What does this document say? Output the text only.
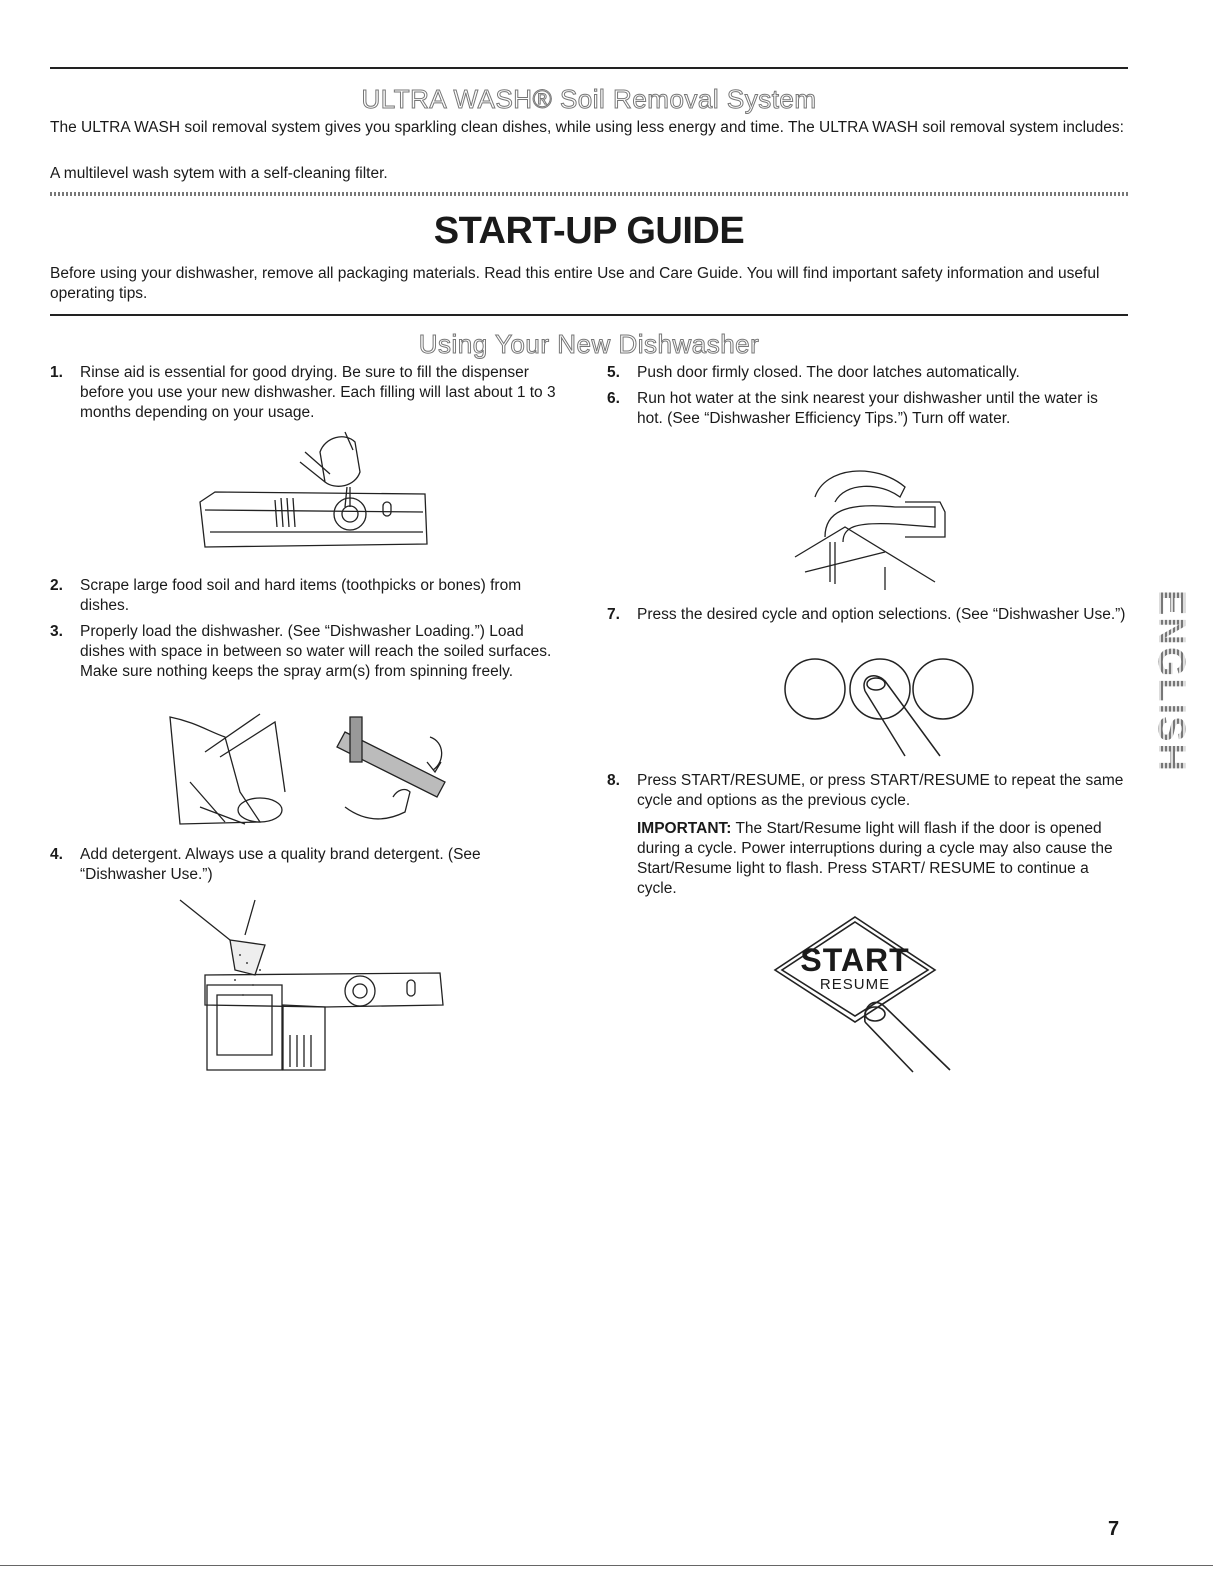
ULTRA WASH® Soil Removal System

The ULTRA WASH soil removal system gives you sparkling clean dishes, while using less energy and time. The ULTRA WASH soil removal system includes:

A multilevel wash sytem with a self-cleaning filter.

START-UP GUIDE

Before using your dishwasher, remove all packaging materials. Read this entire Use and Care Guide. You will find important safety information and useful operating tips.

Using Your New Dishwasher
1. Rinse aid is essential for good drying. Be sure to fill the dispenser before you use your new dishwasher. Each filling will last about 1 to 3 months depending on your usage.
2. Scrape large food soil and hard items (toothpicks or bones) from dishes.
3. Properly load the dishwasher. (See “Dishwasher Loading.”) Load dishes with space in between so water will reach the soiled surfaces. Make sure nothing keeps the spray arm(s) from spinning freely.
4. Add detergent. Always use a quality brand detergent. (See “Dishwasher Use.”)
5. Push door firmly closed. The door latches automatically.
6. Run hot water at the sink nearest your dishwasher until the water is hot. (See “Dishwasher Efficiency Tips.”) Turn off water.
7. Press the desired cycle and option selections. (See “Dishwasher Use.”)
8. Press START/RESUME, or press START/RESUME to repeat the same cycle and options as the previous cycle.

IMPORTANT: The Start/Resume light will flash if the door is opened during a cycle. Power interruptions during a cycle may also cause the Start/Resume light to flash. Press START/ RESUME to continue a cycle.

START
RESUME
ENGLISH
7
